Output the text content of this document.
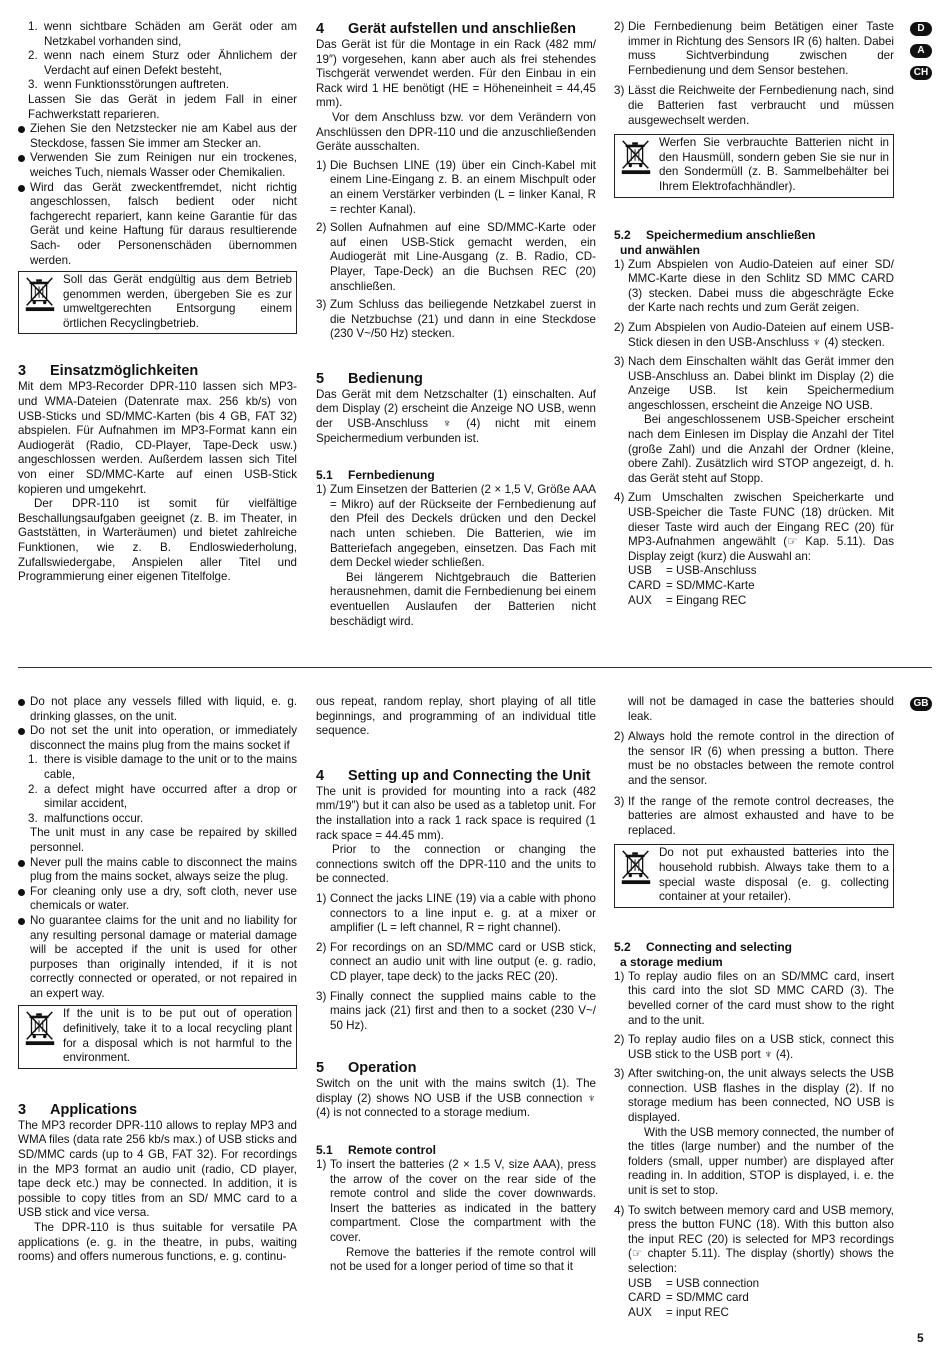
D
A
CH
GB
1. wenn sichtbare Schäden am Gerät oder am Netzkabel vorhanden sind,
2. wenn nach einem Sturz oder Ähnlichem der Verdacht auf einen Defekt besteht,
3. wenn Funktionsstörungen auftreten.

Lassen Sie das Gerät in jedem Fall in einer Fachwerkstatt reparieren.

Ziehen Sie den Netzstecker nie am Kabel aus der Steckdose, fassen Sie immer am Stecker an.
Verwenden Sie zum Reinigen nur ein trockenes, weiches Tuch, niemals Wasser oder Chemikalien.
Wird das Gerät zweckentfremdet, nicht richtig angeschlossen, falsch bedient oder nicht fachgerecht repariert, kann keine Garantie für das Gerät und keine Haftung für daraus resultierende Sach- oder Personenschäden übernommen werden.
Soll das Gerät endgültig aus dem Betrieb genommen werden, übergeben Sie es zur umweltgerechten Entsorgung einem örtlichen Recyclingbetrieb.
3 Einsatzmöglichkeiten

Mit dem MP3-Recorder DPR-110 lassen sich MP3- und WMA-Dateien (Datenrate max. 256 kb/s) von USB-Sticks und SD/MMC-Karten (bis 4 GB, FAT 32) abspielen. Für Aufnahmen im MP3-Format kann ein Audiogerät (Radio, CD-Player, Tape-Deck usw.) angeschlossen werden. Außerdem lassen sich Titel von einer SD/MMC-Karte auf einen USB-Stick kopieren und umgekehrt.

Der DPR-110 ist somit für vielfältige Beschallungsaufgaben geeignet (z. B. im Theater, in Gaststätten, in Warteräumen) und bietet zahlreiche Funktionen, wie z. B. Endloswiederholung, Zufallswiedergabe, Anspielen aller Titel und Programmierung einer eigenen Titelfolge.

4 Gerät aufstellen und anschließen

Das Gerät ist für die Montage in ein Rack (482 mm/ 19″) vorgesehen, kann aber auch als frei stehendes Tischgerät verwendet werden. Für den Einbau in ein Rack wird 1 HE benötigt (HE = Höheneinheit = 44,45 mm).

Vor dem Anschluss bzw. vor dem Verändern von Anschlüssen den DPR-110 und die anzuschließenden Geräte ausschalten.

1) Die Buchsen LINE (19) über ein Cinch-Kabel mit einem Line-Eingang z. B. an einem Mischpult oder an einem Verstärker verbinden (L = linker Kanal, R = rechter Kanal).
2) Sollen Aufnahmen auf eine SD/MMC-Karte oder auf einen USB-Stick gemacht werden, ein Audiogerät mit Line-Ausgang (z. B. Radio, CD-Player, Tape-Deck) an die Buchsen REC (20) anschließen.
3) Zum Schluss das beiliegende Netzkabel zuerst in die Netzbuchse (21) und dann in eine Steckdose (230 V~/50 Hz) stecken.
5 Bedienung

Das Gerät mit dem Netzschalter (1) einschalten. Auf dem Display (2) erscheint die Anzeige NO USB, wenn der USB-Anschluss ♆ (4) nicht mit einem Speichermedium verbunden ist.

5.1 Fernbedienung
1) Zum Einsetzen der Batterien (2 × 1,5 V, Größe AAA = Mikro) auf der Rückseite der Fernbedienung auf den Pfeil des Deckels drücken und den Deckel nach unten schieben. Die Batterien, wie im Batteriefach angegeben, einsetzen. Das Fach mit dem Deckel wieder schließen.

Bei längerem Nichtgebrauch die Batterien herausnehmen, damit die Fernbedienung bei einem eventuellen Auslaufen der Batterien nicht beschädigt wird.

2) Die Fernbedienung beim Betätigen einer Taste immer in Richtung des Sensors IR (6) halten. Dabei muss Sichtverbindung zwischen der Fernbedienung und dem Sensor bestehen.
3) Lässt die Reichweite der Fernbedienung nach, sind die Batterien fast verbraucht und müssen ausgewechselt werden.
Werfen Sie verbrauchte Batterien nicht in den Hausmüll, sondern geben Sie sie nur in den Sondermüll (z. B. Sammelbehälter bei Ihrem Elektrofachhändler).
5.2 Speichermedium anschließen
und anwählen
1) Zum Abspielen von Audio-Dateien auf einer SD/ MMC-Karte diese in den Schlitz SD MMC CARD (3) stecken. Dabei muss die abgeschrägte Ecke der Karte nach rechts und zum Gerät zeigen.
2) Zum Abspielen von Audio-Dateien auf einem USB-Stick diesen in den USB-Anschluss ♆ (4) stecken.
3) Nach dem Einschalten wählt das Gerät immer den USB-Anschluss an. Dabei blinkt im Display (2) die Anzeige USB. Ist kein Speichermedium angeschlossen, erscheint die Anzeige NO USB.

Bei angeschlossenem USB-Speicher erscheint nach dem Einlesen im Display die Anzahl der Titel (große Zahl) und die Anzahl der Ordner (kleine, obere Zahl). Zusätzlich wird STOP angezeigt, d. h. das Gerät steht auf Stopp.

4) Zum Umschalten zwischen Speicherkarte und USB-Speicher die Taste FUNC (18) drücken. Mit dieser Taste wird auch der Eingang REC (20) für MP3-Aufnahmen angewählt (☞ Kap. 5.11). Das Display zeigt (kurz) die Auswahl an:
USB = USB-Anschluss
CARD = SD/MMC-Karte
AUX = Eingang REC
Do not place any vessels filled with liquid, e. g. drinking glasses, on the unit.
Do not set the unit into operation, or immediately disconnect the mains plug from the mains socket if
1. there is visible damage to the unit or to the mains cable,
2. a defect might have occurred after a drop or similar accident,
3. malfunctions occur.

The unit must in any case be repaired by skilled personnel.

Never pull the mains cable to disconnect the mains plug from the mains socket, always seize the plug.
For cleaning only use a dry, soft cloth, never use chemicals or water.
No guarantee claims for the unit and no liability for any resulting personal damage or material damage will be accepted if the unit is used for other purposes than originally intended, if it is not correctly connected or operated, or not repaired in an expert way.
If the unit is to be put out of operation definitively, take it to a local recycling plant for a disposal which is not harmful to the environment.
3 Applications

The MP3 recorder DPR-110 allows to replay MP3 and WMA files (data rate 256 kb/s max.) of USB sticks and SD/MMC cards (up to 4 GB, FAT 32). For recordings in the MP3 format an audio unit (radio, CD player, tape deck etc.) may be connected. In addition, it is possible to copy titles from an SD/ MMC card to a USB stick and vice versa.

The DPR-110 is thus suitable for versatile PA applications (e. g. in the theatre, in pubs, waiting rooms) and offers numerous functions, e. g. continu-

ous repeat, random replay, short playing of all title beginnings, and programming of an individual title sequence.

4 Setting up and Connecting the Unit

The unit is provided for mounting into a rack (482 mm/19″) but it can also be used as a tabletop unit. For the installation into a rack 1 rack space is required (1 rack space = 44.45 mm).

Prior to the connection or changing the connections switch off the DPR-110 and the units to be connected.

1) Connect the jacks LINE (19) via a cable with phono connectors to a line input e. g. at a mixer or amplifier (L = left channel, R = right channel).
2) For recordings on an SD/MMC card or USB stick, connect an audio unit with line output (e. g. radio, CD player, tape deck) to the jacks REC (20).
3) Finally connect the supplied mains cable to the mains jack (21) first and then to a socket (230 V~/ 50 Hz).
5 Operation

Switch on the unit with the mains switch (1). The display (2) shows NO USB if the USB connection ♆ (4) is not connected to a storage medium.

5.1 Remote control
1) To insert the batteries (2 × 1.5 V, size AAA), press the arrow of the cover on the rear side of the remote control and slide the cover downwards. Insert the batteries as indicated in the battery compartment. Close the compartment with the cover.

Remove the batteries if the remote control will not be used for a longer period of time so that it

will not be damaged in case the batteries should leak.

2) Always hold the remote control in the direction of the sensor IR (6) when pressing a button. There must be no obstacles between the remote control and the sensor.
3) If the range of the remote control decreases, the batteries are almost exhausted and have to be replaced.
Do not put exhausted batteries into the household rubbish. Always take them to a special waste disposal (e. g. collecting container at your retailer).
5.2 Connecting and selecting
a storage medium
1) To replay audio files on an SD/MMC card, insert this card into the slot SD MMC CARD (3). The bevelled corner of the card must show to the right and to the unit.
2) To replay audio files on a USB stick, connect this USB stick to the USB port ♆ (4).
3) After switching-on, the unit always selects the USB connection. USB flashes in the display (2). If no storage medium has been connected, NO USB is displayed.

With the USB memory connected, the number of the titles (large number) and the number of the folders (small, upper number) are displayed after reading in. In addition, STOP is displayed, i. e. the unit is set to stop.

4) To switch between memory card and USB memory, press the button FUNC (18). With this button also the input REC (20) is selected for MP3 recordings (☞ chapter 5.11). The display (shortly) shows the selection:
USB = USB connection
CARD = SD/MMC card
AUX = input REC
5
